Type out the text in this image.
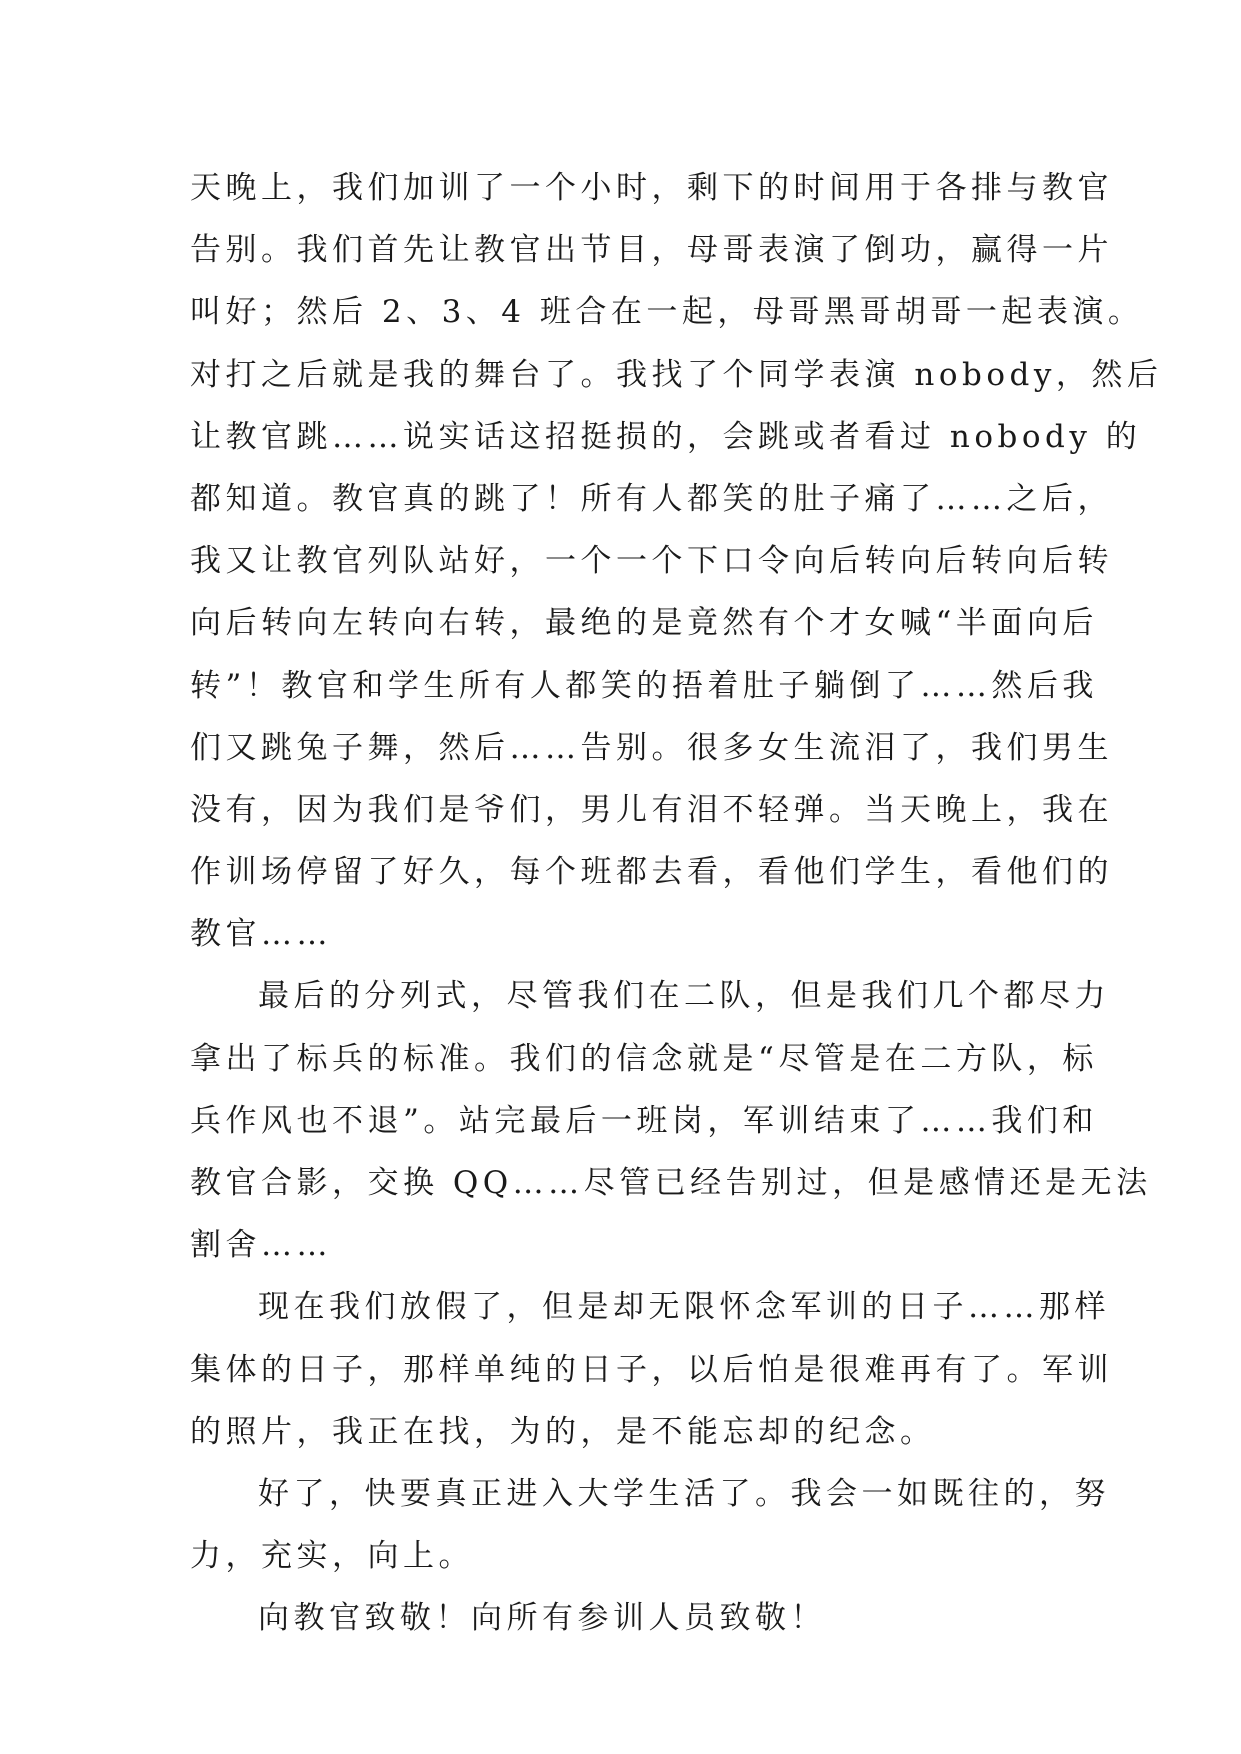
天晚上，我们加训了一个小时，剩下的时间用于各排与教官
告别。我们首先让教官出节目，母哥表演了倒功，赢得一片
叫好；然后 2、3、4 班合在一起，母哥黑哥胡哥一起表演。
对打之后就是我的舞台了。我找了个同学表演 nobody，然后
让教官跳……说实话这招挺损的，会跳或者看过 nobody 的
都知道。教官真的跳了！所有人都笑的肚子痛了……之后，
我又让教官列队站好，一个一个下口令向后转向后转向后转
向后转向左转向右转，最绝的是竟然有个才女喊“半面向后
转”！教官和学生所有人都笑的捂着肚子躺倒了……然后我
们又跳兔子舞，然后……告别。很多女生流泪了，我们男生
没有，因为我们是爷们，男儿有泪不轻弹。当天晚上，我在
作训场停留了好久，每个班都去看，看他们学生，看他们的
教官……
最后的分列式，尽管我们在二队，但是我们几个都尽力
拿出了标兵的标准。我们的信念就是“尽管是在二方队，标
兵作风也不退”。站完最后一班岗，军训结束了……我们和
教官合影，交换 QQ……尽管已经告别过，但是感情还是无法
割舍……
现在我们放假了，但是却无限怀念军训的日子……那样
集体的日子，那样单纯的日子，以后怕是很难再有了。军训
的照片，我正在找，为的，是不能忘却的纪念。
好了，快要真正进入大学生活了。我会一如既往的，努
力，充实，向上。
向教官致敬！向所有参训人员致敬！
